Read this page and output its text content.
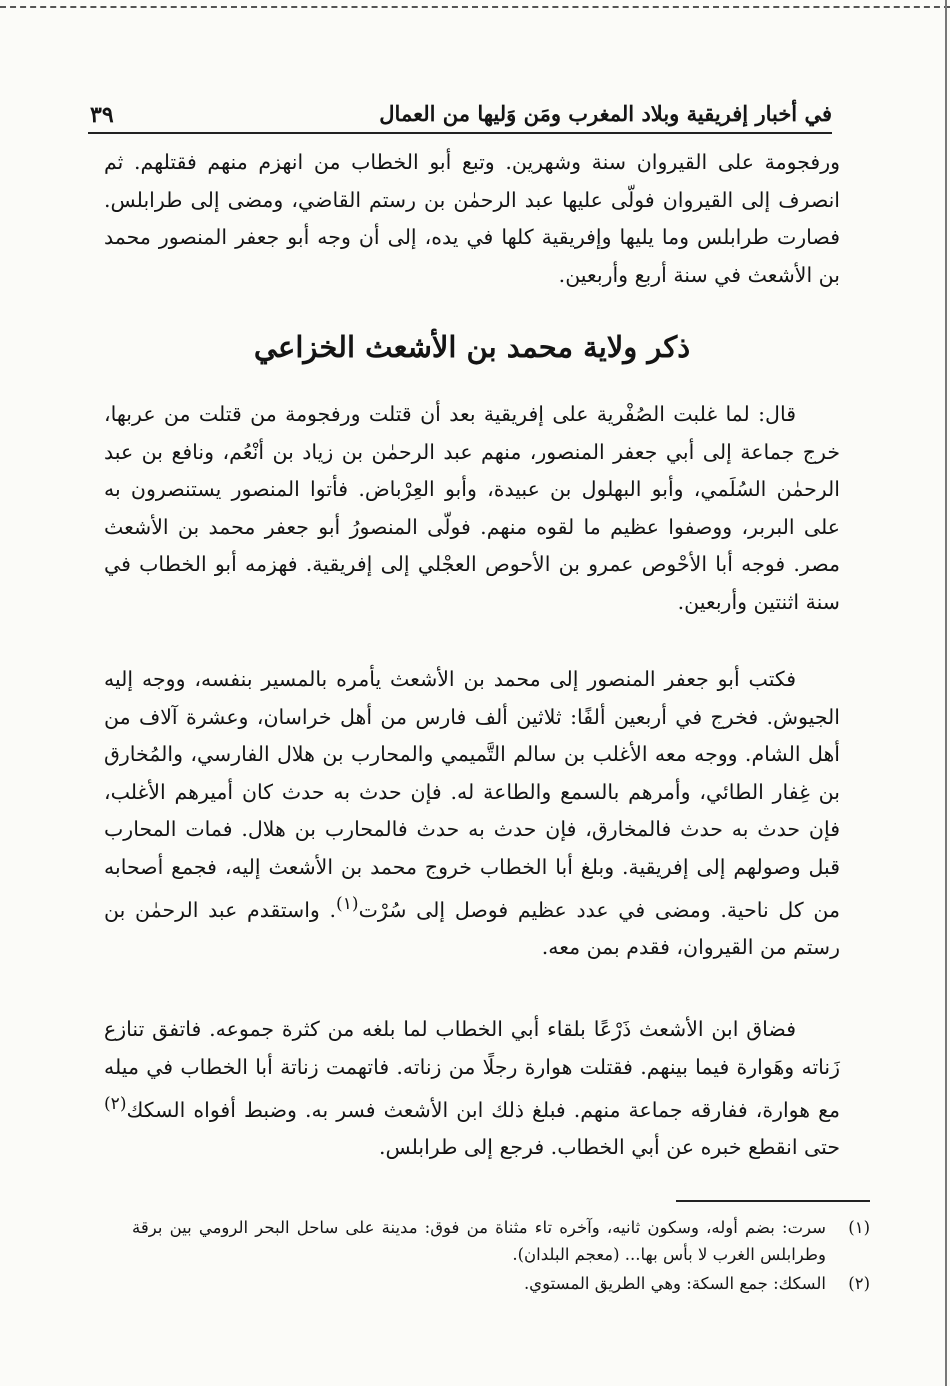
في أخبار إفريقية وبلاد المغرب ومَن وَليها من العمال
٣٩

ورفجومة على القيروان سنة وشهرين. وتبع أبو الخطاب من انهزم منهم فقتلهم. ثم انصرف إلى القيروان فولّى عليها عبد الرحمٰن بن رستم القاضي، ومضى إلى طرابلس. فصارت طرابلس وما يليها وإفريقية كلها في يده، إلى أن وجه أبو جعفر المنصور محمد بن الأشعث في سنة أربع وأربعين.

ذكر ولاية محمد بن الأشعث الخزاعي

قال: لما غلبت الصُفْرية على إفريقية بعد أن قتلت ورفجومة من قتلت من عربها، خرج جماعة إلى أبي جعفر المنصور، منهم عبد الرحمٰن بن زياد بن أنْعُم، ونافع بن عبد الرحمٰن السُلَمي، وأبو البهلول بن عبيدة، وأبو العِرْباض. فأتوا المنصور يستنصرون به على البربر، ووصفوا عظيم ما لقوه منهم. فولّى المنصورُ أبو جعفر محمد بن الأشعث مصر. فوجه أبا الأحْوص عمرو بن الأحوص العجْلي إلى إفريقية. فهزمه أبو الخطاب في سنة اثنتين وأربعين.

فكتب أبو جعفر المنصور إلى محمد بن الأشعث يأمره بالمسير بنفسه، ووجه إليه الجيوش. فخرج في أربعين ألفًا: ثلاثين ألف فارس من أهل خراسان، وعشرة آلاف من أهل الشام. ووجه معه الأغلب بن سالم التَّميمي والمحارب بن هلال الفارسي، والمُخارق بن غِفار الطائي، وأمرهم بالسمع والطاعة له. فإن حدث به حدث كان أميرهم الأغلب، فإن حدث به حدث فالمخارق، فإن حدث به حدث فالمحارب بن هلال. فمات المحارب قبل وصولهم إلى إفريقية. وبلغ أبا الخطاب خروج محمد بن الأشعث إليه، فجمع أصحابه من كل ناحية. ومضى في عدد عظيم فوصل إلى سُرْت$^{(١)}$. واستقدم عبد الرحمٰن بن رستم من القيروان، فقدم بمن معه.

فضاق ابن الأشعث ذَرْعًا بلقاء أبي الخطاب لما بلغه من كثرة جموعه. فاتفق تنازع زَناته وهَوارة فيما بينهم. فقتلت هوارة رجلًا من زناته. فاتهمت زناتة أبا الخطاب في ميله مع هوارة، ففارقه جماعة منهم. فبلغ ذلك ابن الأشعث فسر به. وضبط أفواه السكك$^{(٢)}$ حتى انقطع خبره عن أبي الخطاب. فرجع إلى طرابلس.

(١)
سرت: بضم أوله، وسكون ثانيه، وآخره تاء مثناة من فوق: مدينة على ساحل البحر الرومي بين برقة وطرابلس الغرب لا بأس بها... (معجم البلدان).
(٢)
السكك: جمع السكة: وهي الطريق المستوي.
